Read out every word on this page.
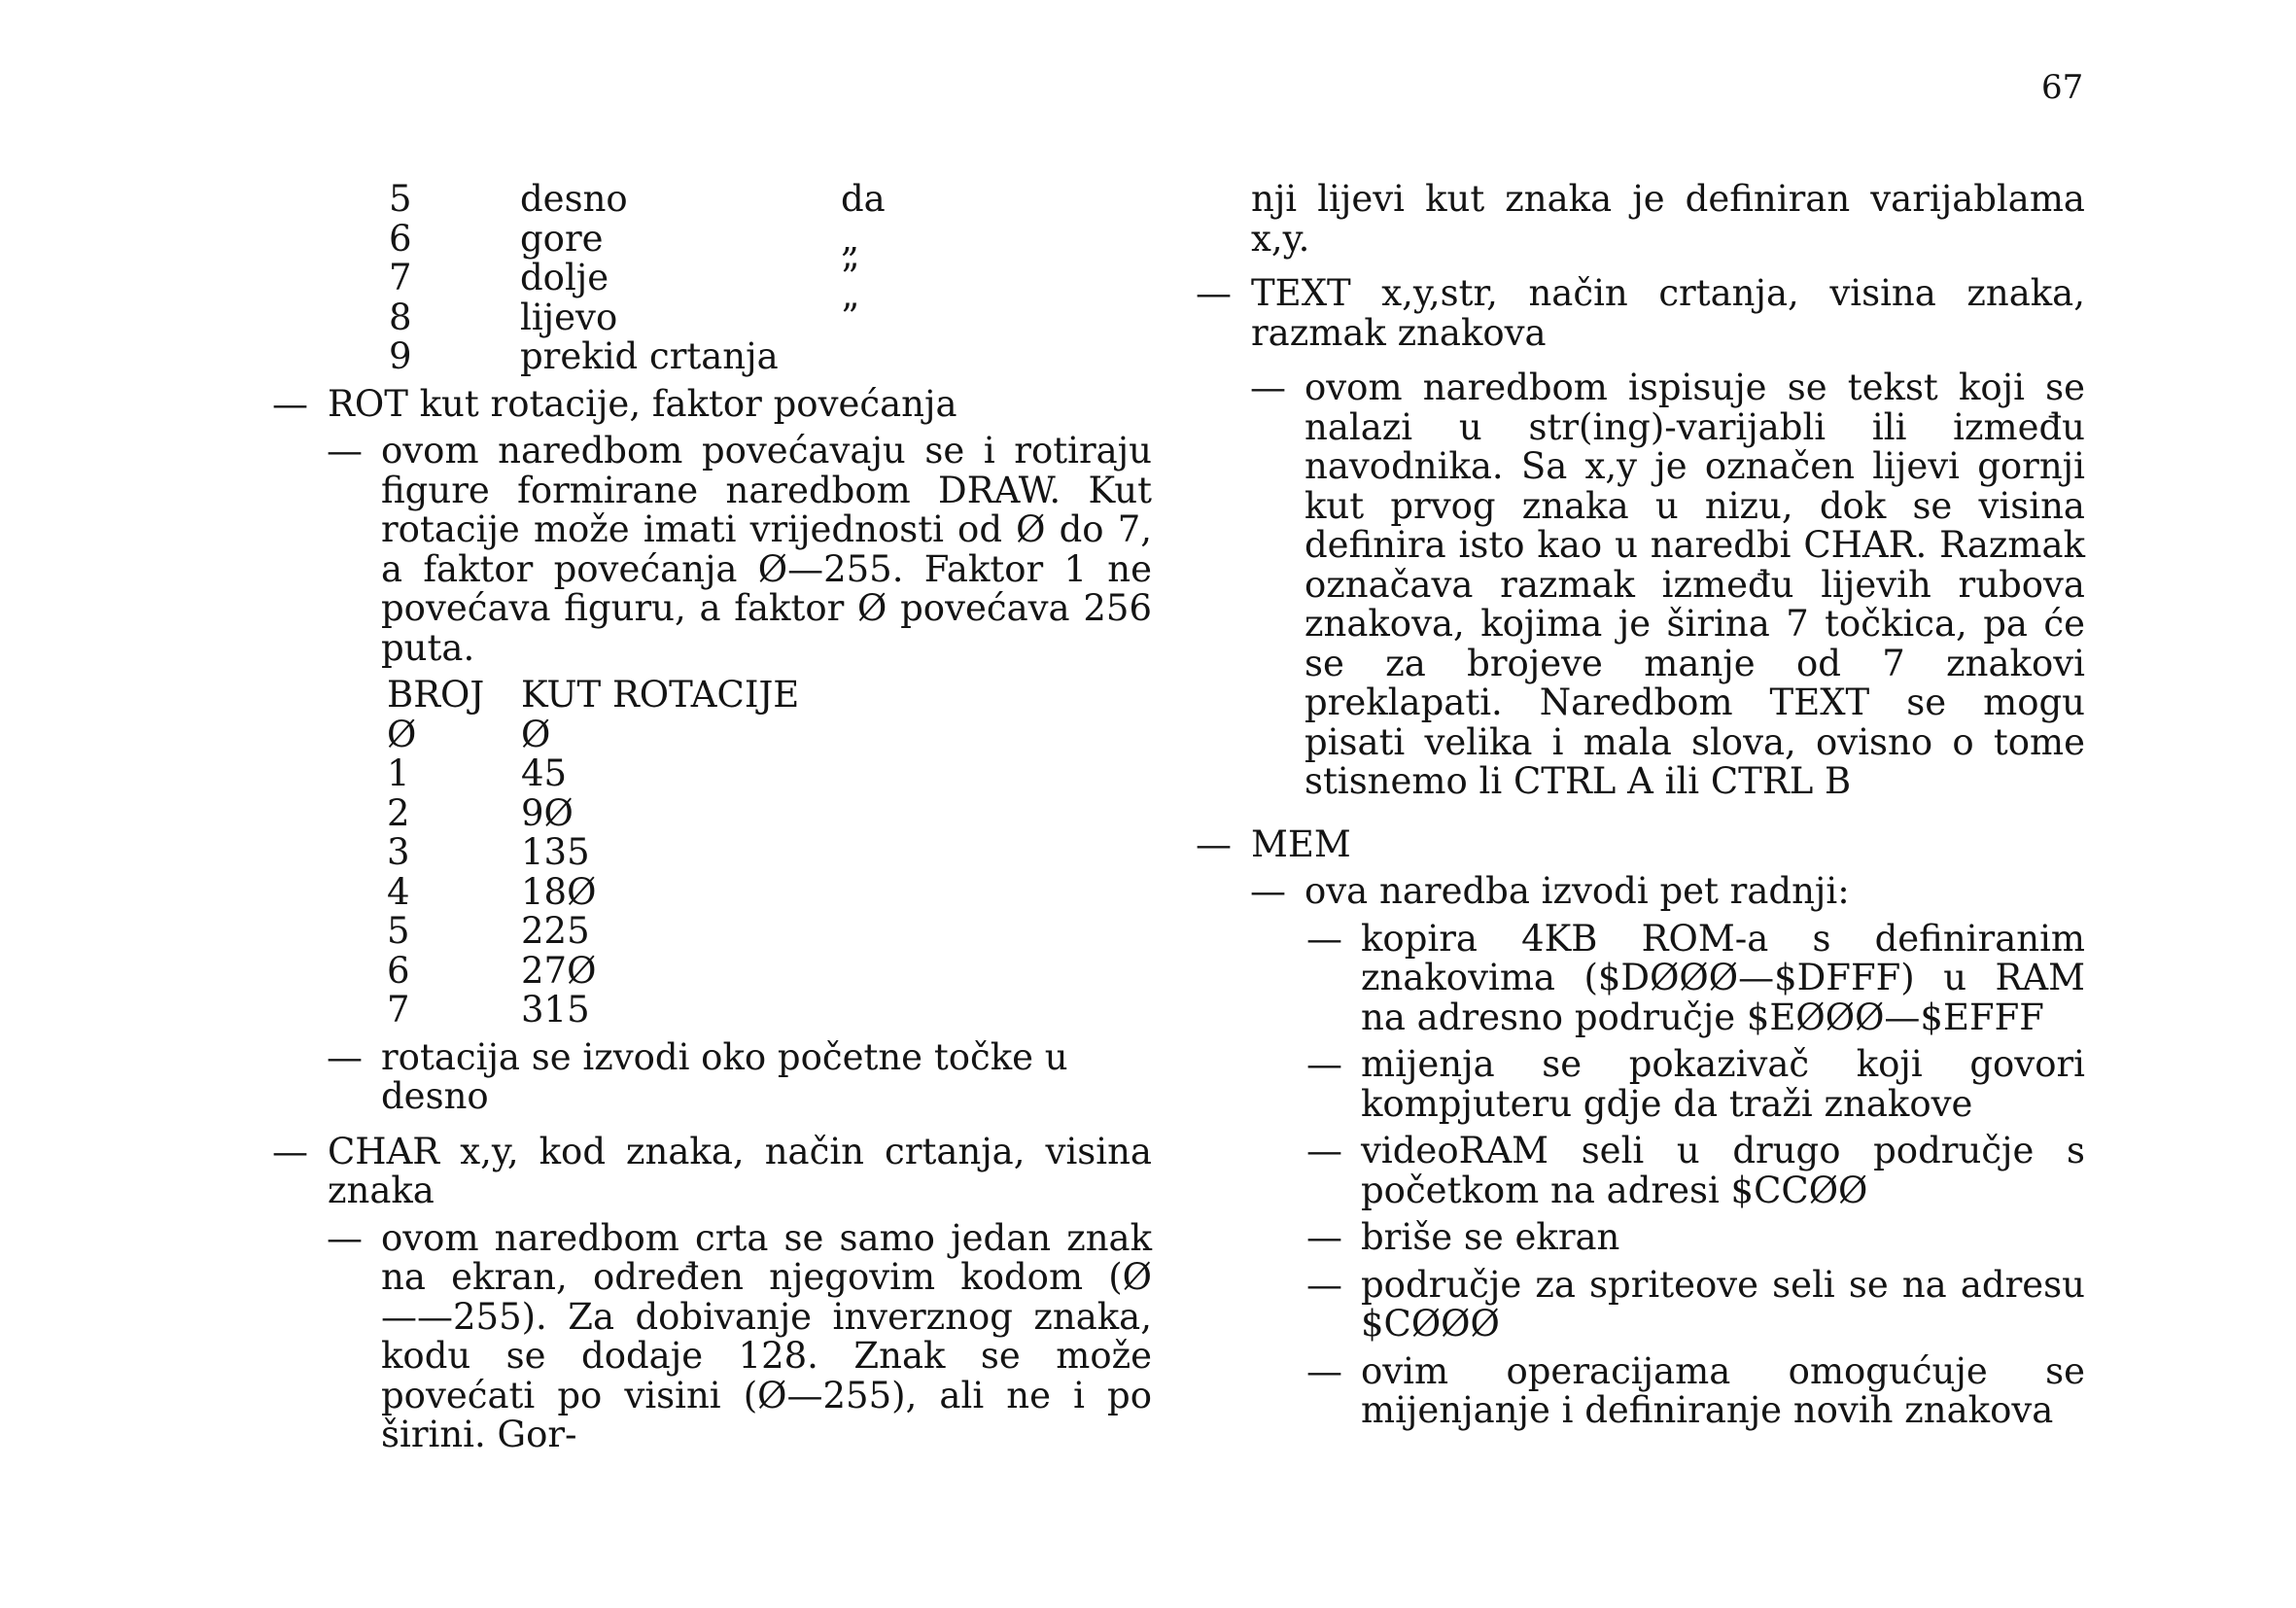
67
5	desno	da
6	gore	„
7	dolje	”
8	lijevo	”
9	prekid crtanja
— ROT kut rotacije, faktor povećanja
— ovom naredbom povećavaju se i rotiraju figure formirane naredbom DRAW. Kut rotacije može imati vrijednosti od Ø do 7, a faktor povećanja Ø—255. Faktor 1 ne povećava figuru, a faktor Ø povećava 256 puta.
BROJ	KUT ROTACIJE
Ø	Ø
1	45
2	9Ø
3	135
4	18Ø
5	225
6	27Ø
7	315
— rotacija se izvodi oko početne točke u desno
— CHAR x,y, kod znaka, način crtanja, visina znaka
— ovom naredbom crta se samo jedan znak na ekran, određen njegovim kodom (Ø——255). Za dobivanje inverznog znaka, kodu se dodaje 128. Znak se može povećati po visini (Ø—255), ali ne i po širini. Gor-
nji lijevi kut znaka je definiran varijablama x,y.
— TEXT x,y,str, način crtanja, visina znaka, razmak znakova
— ovom naredbom ispisuje se tekst koji se nalazi u str(ing)-varijabli ili između navodnika. Sa x,y je označen lijevi gornji kut prvog znaka u nizu, dok se visina definira isto kao u naredbi CHAR. Razmak označava razmak između lijevih rubova znakova, kojima je širina 7 točkica, pa će se za brojeve manje od 7 znakovi preklapati. Naredbom TEXT se mogu pisati velika i mala slova, ovisno o tome stisnemo li CTRL A ili CTRL B
— MEM
— ova naredba izvodi pet radnji:
— kopira 4KB ROM-a s definiranim znakovima ($DØØØ—$DFFF) u RAM na adresno područje $EØØØ—$EFFF
— mijenja se pokazivač koji govori kompjuteru gdje da traži znakove
— videoRAM seli u drugo područje s početkom na adresi $CCØØ
— briše se ekran
— područje za spriteove seli se na adresu $CØØØ
— ovim operacijama omogućuje se mijenjanje i definiranje novih znakova
